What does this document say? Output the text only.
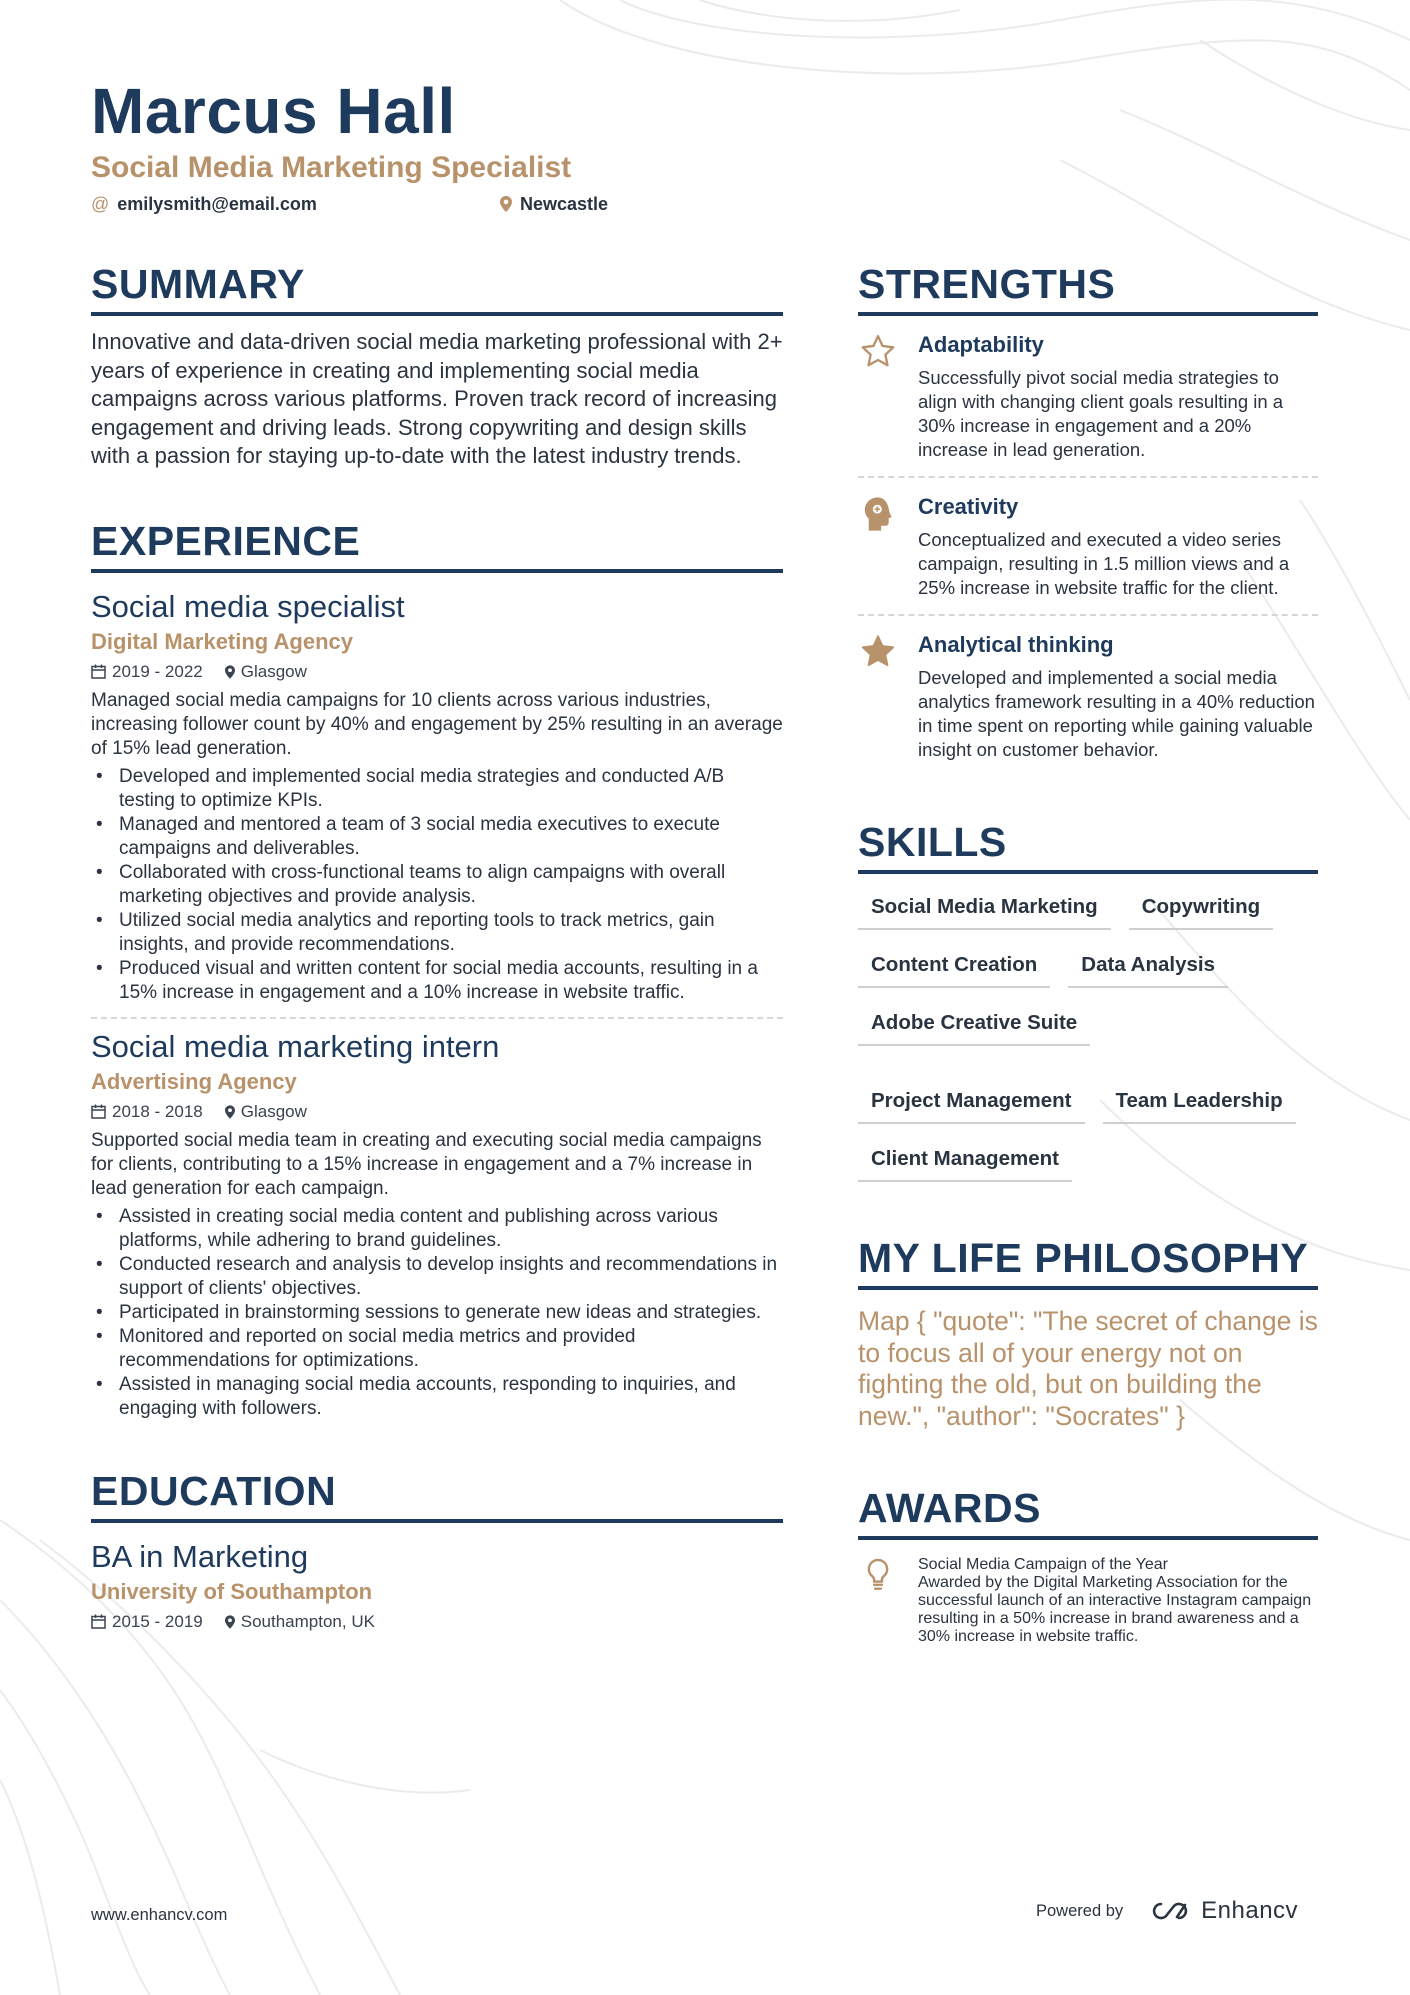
Marcus Hall
Social Media Marketing Specialist
@ emilysmith@email.com	Newcastle
SUMMARY

Innovative and data-driven social media marketing professional with 2+ years of experience in creating and implementing social media campaigns across various platforms. Proven track record of increasing engagement and driving leads. Strong copywriting and design skills with a passion for staying up-to-date with the latest industry trends.

EXPERIENCE
Social media specialist
Digital Marketing Agency
2019 - 2022	Glasgow
Managed social media campaigns for 10 clients across various industries, increasing follower count by 40% and engagement by 25% resulting in an average of 15% lead generation.
• Developed and implemented social media strategies and conducted A/B testing to optimize KPIs.
• Managed and mentored a team of 3 social media executives to execute campaigns and deliverables.
• Collaborated with cross-functional teams to align campaigns with overall marketing objectives and provide analysis.
• Utilized social media analytics and reporting tools to track metrics, gain insights, and provide recommendations.
• Produced visual and written content for social media accounts, resulting in a 15% increase in engagement and a 10% increase in website traffic.
Social media marketing intern
Advertising Agency
2018 - 2018	Glasgow
Supported social media team in creating and executing social media campaigns for clients, contributing to a 15% increase in engagement and a 7% increase in lead generation for each campaign.
• Assisted in creating social media content and publishing across various platforms, while adhering to brand guidelines.
• Conducted research and analysis to develop insights and recommendations in support of clients' objectives.
• Participated in brainstorming sessions to generate new ideas and strategies.
• Monitored and reported on social media metrics and provided recommendations for optimizations.
• Assisted in managing social media accounts, responding to inquiries, and engaging with followers.
EDUCATION
BA in Marketing
University of Southampton
2015 - 2019	Southampton, UK
STRENGTHS
Adaptability
Successfully pivot social media strategies to align with changing client goals resulting in a 30% increase in engagement and a 20% increase in lead generation.
Creativity
Conceptualized and executed a video series campaign, resulting in 1.5 million views and a 25% increase in website traffic for the client.
Analytical thinking
Developed and implemented a social media analytics framework resulting in a 40% reduction in time spent on reporting while gaining valuable insight on customer behavior.
SKILLS
Social Media Marketing	Copywriting
Content Creation	Data Analysis
Adobe Creative Suite
Project Management	Team Leadership
Client Management
MY LIFE PHILOSOPHY
Map { "quote": "The secret of change is to focus all of your energy not on fighting the old, but on building the new.", "author": "Socrates" }
AWARDS
Social Media Campaign of the Year
Awarded by the Digital Marketing Association for the successful launch of an interactive Instagram campaign resulting in a 50% increase in brand awareness and a 30% increase in website traffic.
www.enhancv.com	Powered by	Enhancv
